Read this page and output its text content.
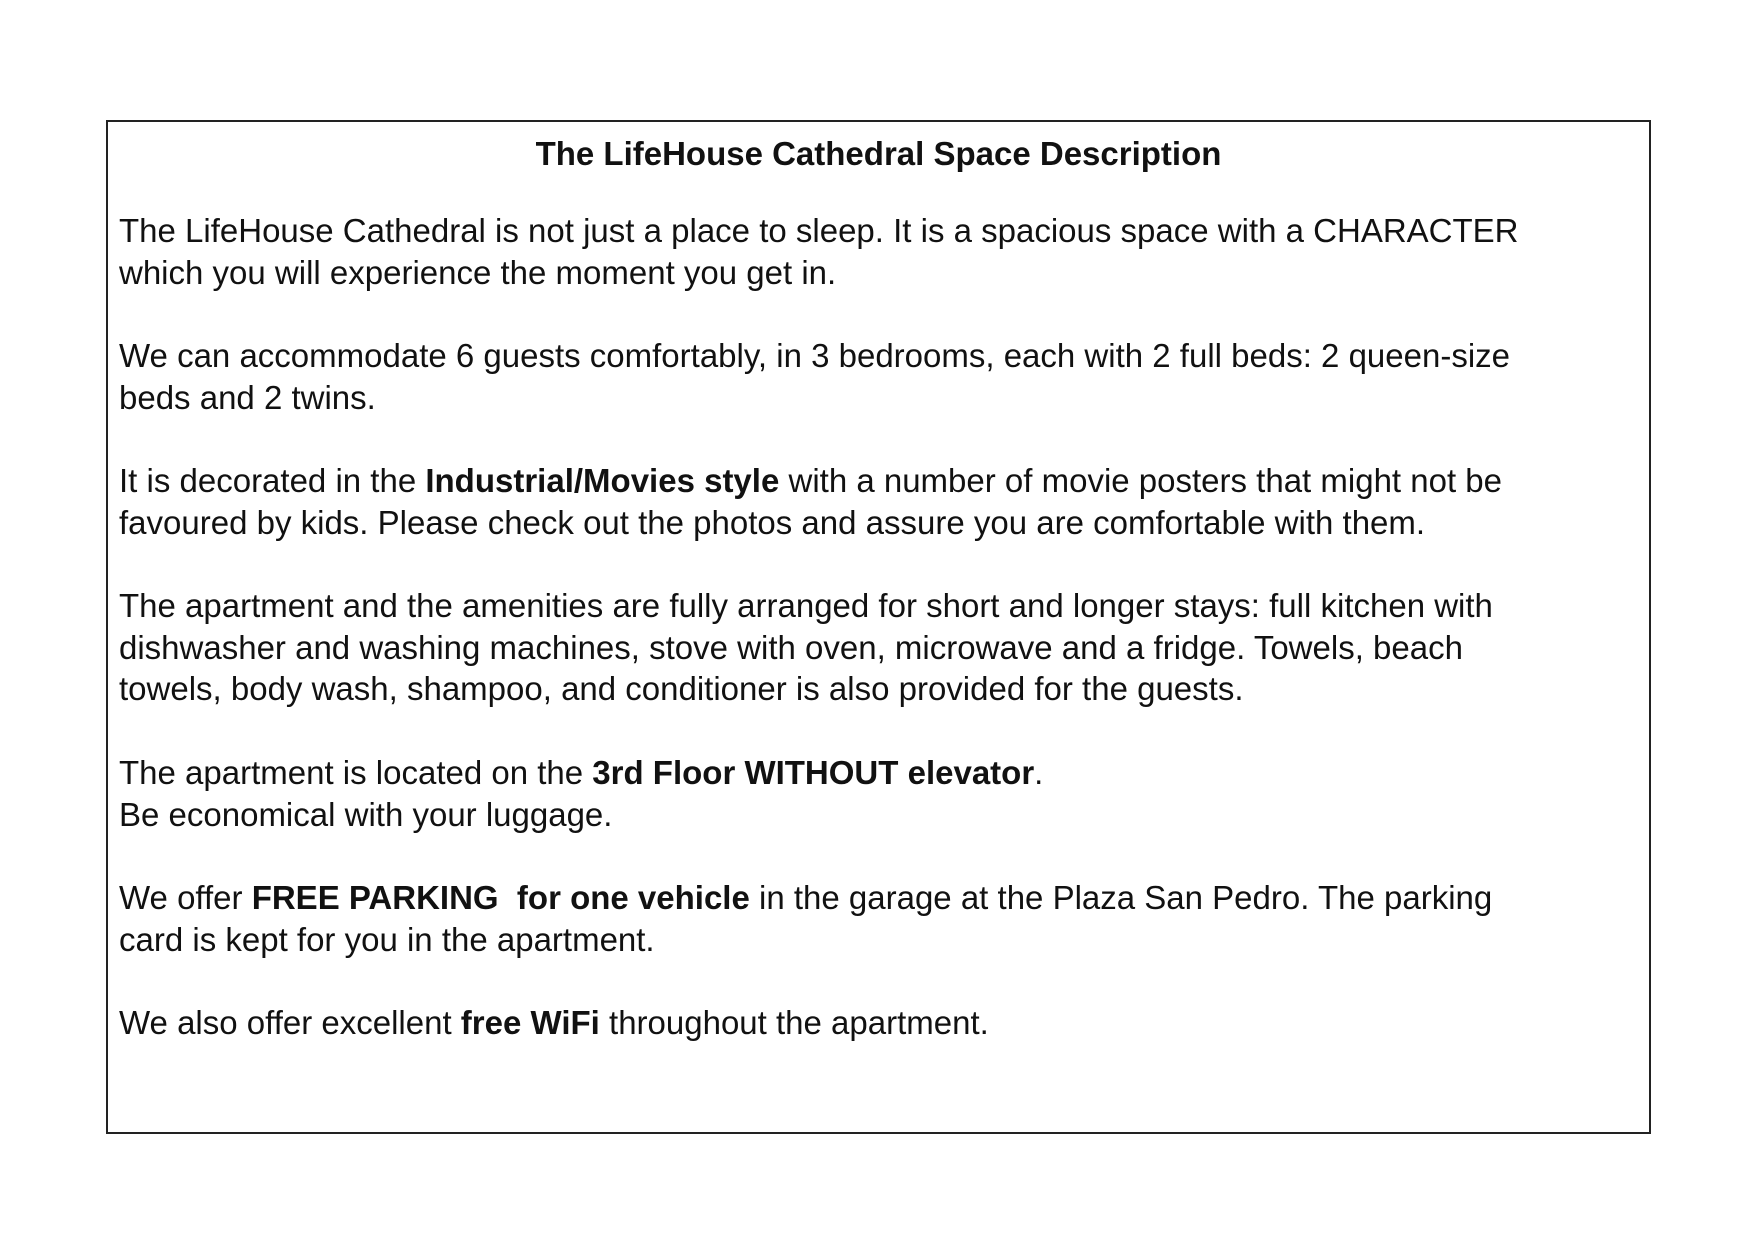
The LifeHouse Cathedral Space Description

The LifeHouse Cathedral is not just a place to sleep. It is a spacious space with a CHARACTER
which you will experience the moment you get in.

We can accommodate 6 guests comfortably, in 3 bedrooms, each with 2 full beds: 2 queen-size
beds and 2 twins.

It is decorated in the Industrial/Movies style with a number of movie posters that might not be
favoured by kids. Please check out the photos and assure you are comfortable with them.

The apartment and the amenities are fully arranged for short and longer stays: full kitchen with
dishwasher and washing machines, stove with oven, microwave and a fridge. Towels, beach
towels, body wash, shampoo, and conditioner is also provided for the guests.

The apartment is located on the 3rd Floor WITHOUT elevator.
Be economical with your luggage.

We offer FREE PARKING  for one vehicle in the garage at the Plaza San Pedro. The parking
card is kept for you in the apartment.

We also offer excellent free WiFi throughout the apartment.
